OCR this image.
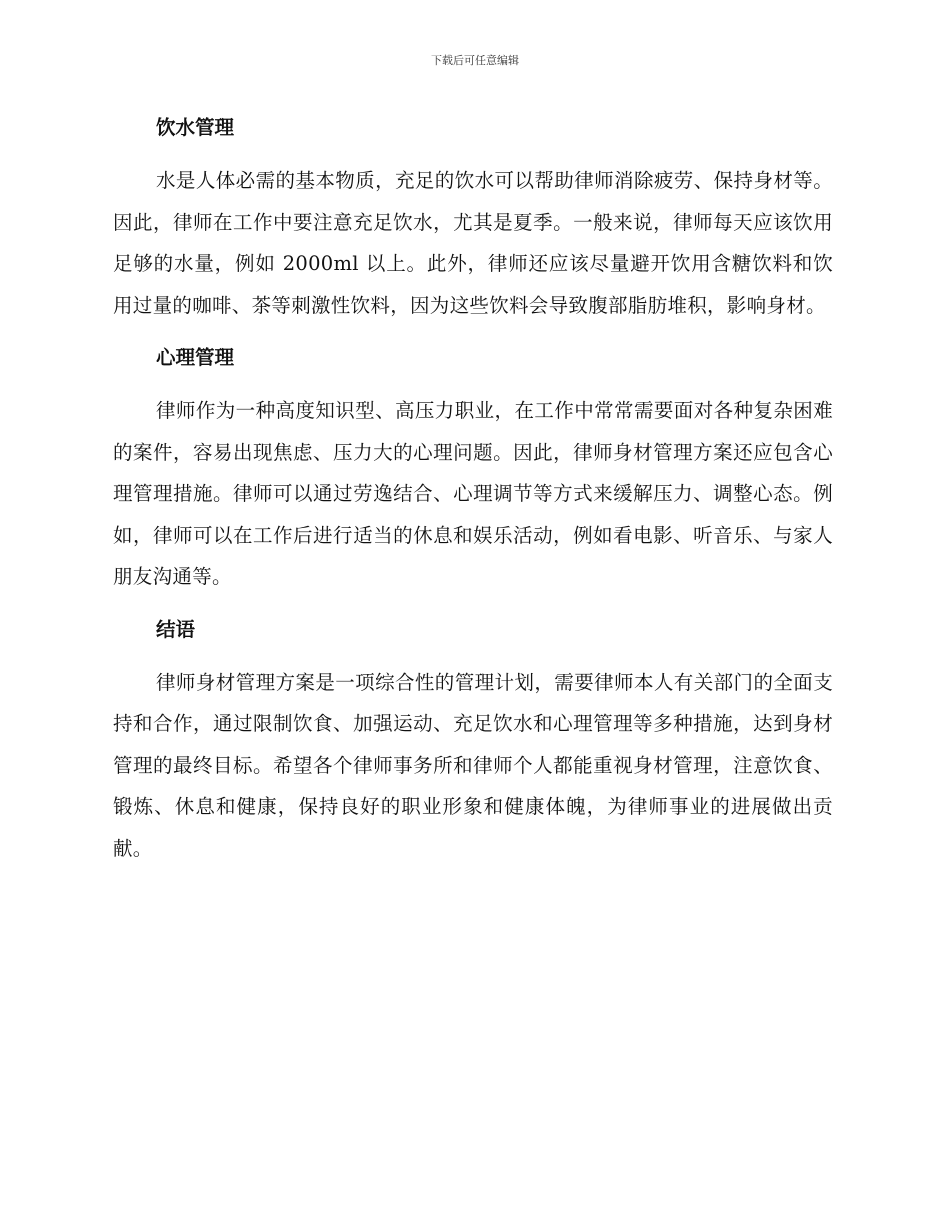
下载后可任意编辑
饮水管理

水是人体必需的基本物质，充足的饮水可以帮助律师消除疲劳、保持身材等。因此，律师在工作中要注意充足饮水，尤其是夏季。一般来说，律师每天应该饮用足够的水量，例如 2000ml 以上。此外，律师还应该尽量避开饮用含糖饮料和饮用过量的咖啡、茶等刺激性饮料，因为这些饮料会导致腹部脂肪堆积，影响身材。

心理管理

律师作为一种高度知识型、高压力职业，在工作中常常需要面对各种复杂困难的案件，容易出现焦虑、压力大的心理问题。因此，律师身材管理方案还应包含心理管理措施。律师可以通过劳逸结合、心理调节等方式来缓解压力、调整心态。例如，律师可以在工作后进行适当的休息和娱乐活动，例如看电影、听音乐、与家人朋友沟通等。

结语

律师身材管理方案是一项综合性的管理计划，需要律师本人有关部门的全面支持和合作，通过限制饮食、加强运动、充足饮水和心理管理等多种措施，达到身材管理的最终目标。希望各个律师事务所和律师个人都能重视身材管理，注意饮食、锻炼、休息和健康，保持良好的职业形象和健康体魄，为律师事业的进展做出贡献。
